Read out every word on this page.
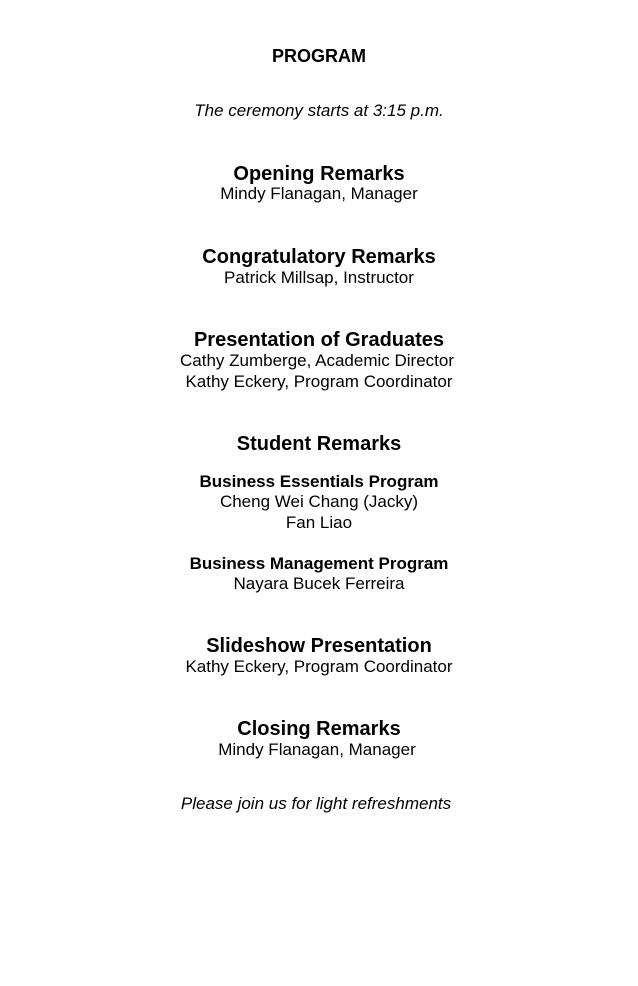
PROGRAM
The ceremony starts at 3:15 p.m.
Opening Remarks
Mindy Flanagan, Manager
Congratulatory Remarks
Patrick Millsap, Instructor
Presentation of Graduates
Cathy Zumberge, Academic Director
Kathy Eckery, Program Coordinator
Student Remarks
Business Essentials Program
Cheng Wei Chang (Jacky)
Fan Liao
Business Management Program
Nayara Bucek Ferreira
Slideshow Presentation
Kathy Eckery, Program Coordinator
Closing Remarks
Mindy Flanagan, Manager
Please join us for light refreshments
